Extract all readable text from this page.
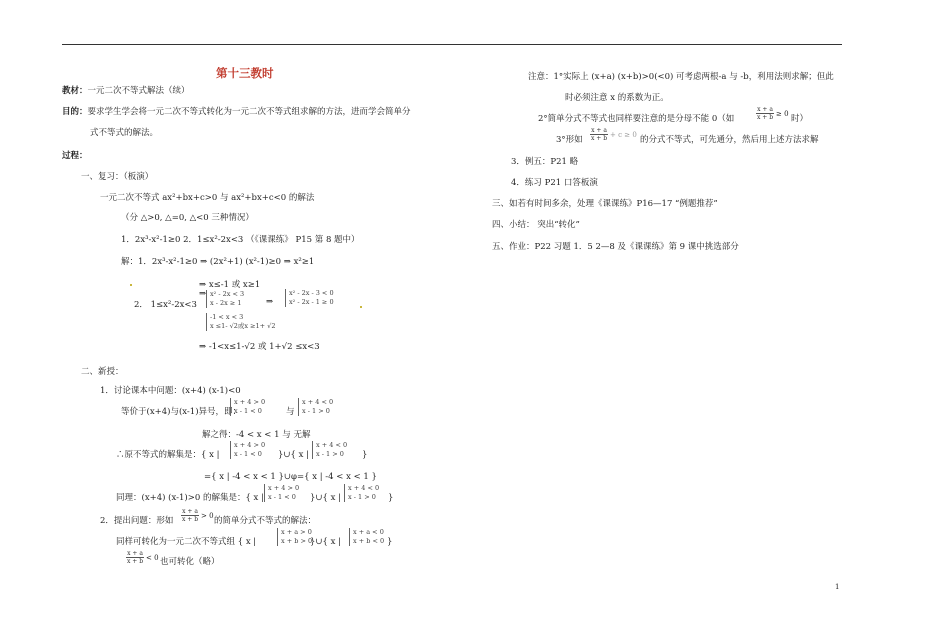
第十三教时
教材：一元二次不等式解法（续）
目的：要求学生学会将一元二次不等式转化为一元二次不等式组求解的方法，进而学会简单分
式不等式的解法。
过程：
一、复习：（板演）
一元二次不等式 ax²+bx+c>0 与 ax²+bx+c<0 的解法
（分 △>0, △=0, △<0 三种情况）
1．2x³-x²-1≥0 2．1≤x²-2x<3 （《课课练》 P15 第 8 题中）
解：1．2x³-x²-1≥0 ⇒ (2x²+1) (x²-1)≥0 ⇒ x²≥1
⇒ x≤-1 或 x≥1
2． 1≤x²-2x<3
⇒ x² - 2x < 3
x - 2x ≥ 1	⇒
x² - 2x - 3 < 0
x² - 2x - 1 ≥ 0
-1 < x < 3
x ≤1- √2或x ≥1+ √2
⇒ -1<x≤1-√2 或 1+√2 ≤x<3
二、新授：
1．讨论课本中问题：(x+4) (x-1)<0
等价于(x+4)与(x-1)异号，即：
x + 4 > 0
x - 1 < 0	与
x + 4 < 0
x - 1 > 0
解之得：-4 < x < 1 与 无解
∴原不等式的解集是：{ x |
x + 4 > 0
x - 1 < 0	}∪{ x |
x + 4 < 0
x - 1 > 0	}
={ x | -4 < x < 1 }∪φ={ x | -4 < x < 1 }
同理：(x+4) (x-1)>0 的解集是：{ x |
x + 4 > 0
x - 1 < 0	}∪{ x |
x + 4 < 0
x - 1 > 0	}
2．提出问题：形如 $\frac{x + a}{x + b} > 0$ 的简单分式不等式的解法：
同样可转化为一元二次不等式组 { x |
x + a > 0
x + b > 0
}∪{ x |
x + a < 0
x + b < 0 }
$\frac{x + a}{x + b} < 0$ 也可转化（略）
注意：1°实际上 (x+a) (x+b)>0(<0) 可考虑两根-a 与 -b，利用法则求解；但此
时必须注意 x 的系数为正。
2°简单分式不等式也同样要注意的是分母不能 0（如	$\frac{x + a}{x + b} \ge 0$ 时）
3°形如 $\frac{x + a}{x + b} + c \ge 0$ 的分式不等式，可先通分，然后用上述方法求解
3．例五：P21 略
4．练习 P21 口答板演
三、如若有时间多余，处理《课课练》P16—17 “例题推荐”
四、小结： 突出“转化”
五、作业：P22 习题 1．5 2—8 及《课课练》第 9 课中挑选部分
1
